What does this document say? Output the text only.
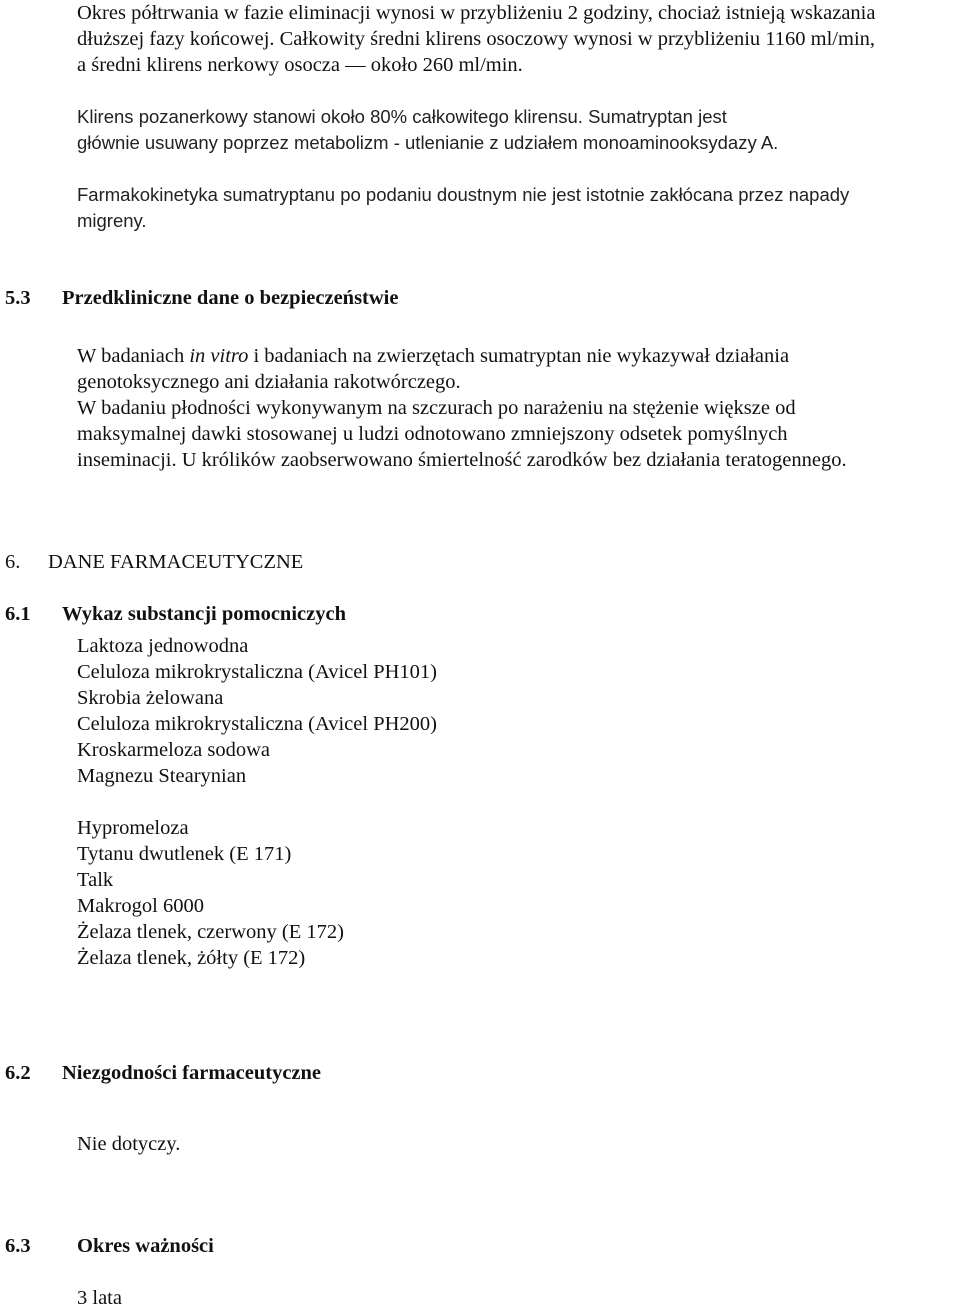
Okres półtrwania w fazie eliminacji wynosi w przybliżeniu 2 godziny, chociaż istnieją wskazania
dłuższej fazy końcowej. Całkowity średni klirens osoczowy wynosi w przybliżeniu 1160 ml/min,
a średni klirens nerkowy osocza — około 260 ml/min.
Klirens pozanerkowy stanowi około 80% całkowitego klirensu. Sumatryptan jest
głównie usuwany poprzez metabolizm - utlenianie z udziałem monoaminooksydazy A.
Farmakokinetyka sumatryptanu po podaniu doustnym nie jest istotnie zakłócana przez napady
migreny.
5.3 Przedkliniczne dane o bezpieczeństwie
W badaniach in vitro i badaniach na zwierzętach sumatryptan nie wykazywał działania
genotoksycznego ani działania rakotwórczego.
W badaniu płodności wykonywanym na szczurach po narażeniu na stężenie większe od
maksymalnej dawki stosowanej u ludzi odnotowano zmniejszony odsetek pomyślnych
inseminacji. U królików zaobserwowano śmiertelność zarodków bez działania teratogennego.
6. DANE FARMACEUTYCZNE
6.1 Wykaz substancji pomocniczych
Laktoza jednowodna
Celuloza mikrokrystaliczna (Avicel PH101)
Skrobia żelowana
Celuloza mikrokrystaliczna (Avicel PH200)
Kroskarmeloza sodowa
Magnezu Stearynian
Hypromeloza
Tytanu dwutlenek (E 171)
Talk
Makrogol 6000
Żelaza tlenek, czerwony (E 172)
Żelaza tlenek, żółty (E 172)
6.2 Niezgodności farmaceutyczne
Nie dotyczy.
6.3 Okres ważności
3 lata
